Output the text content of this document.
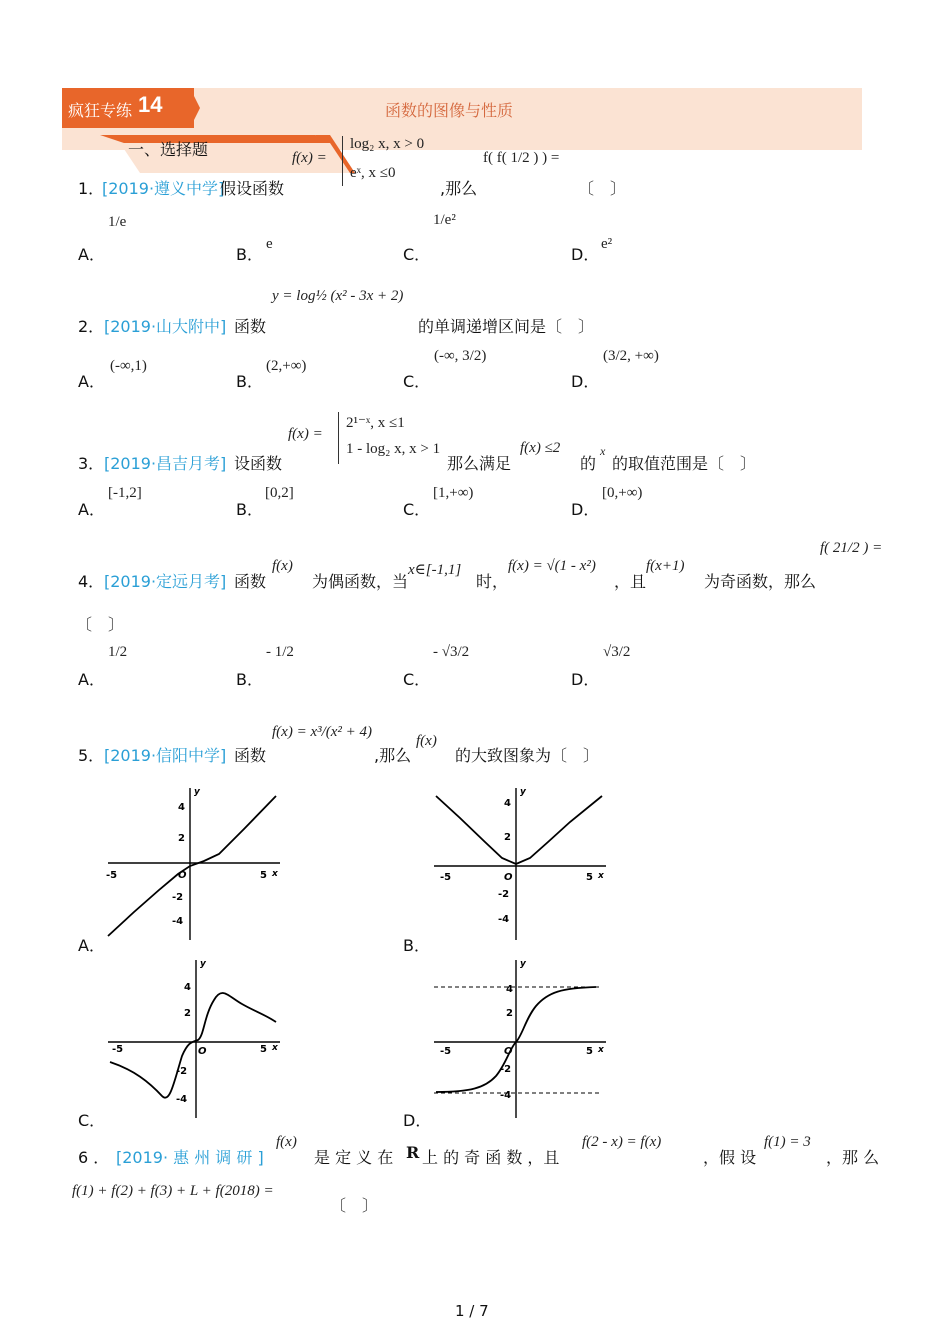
疯狂专练 14	函数的图像与性质
一、选择题
1．
[2019·遵义中学]
假设函数
f(x) =
log₂ x, x > 0
eˣ, x ≤0
,那么
f( f( 1/2 ) ) =
〔　〕
A．
1/e
B．
e
C．
1/e²
D．
e²
y = log½ (x² - 3x + 2)
2． [2019·山大附中] 函数	的单调递增区间是〔　〕
A．
(-∞,1)
B．
(2,+∞)
C．
(-∞, 3/2)
D．
(3/2, +∞)
f(x) =
2¹⁻ˣ, x ≤1
1 - log₂ x, x > 1
3． [2019·昌吉月考] 设函数	那么满足
f(x) ≤2
的
x
的取值范围是〔　〕
A．
[-1,2]
B．
[0,2]
C．
[1,+∞)
D．
[0,+∞)
4． [2019·定远月考] 函数
f(x)
为偶函数，当
x∈[-1,1]
时，
f(x) = √(1 - x²)
，且
f(x+1)
为奇函数，那么
f( 21/2 ) =
〔　〕
A．
1/2
B．
- 1/2
C．
- √3/2
D．
√3/2
f(x) = x³/(x² + 4)
5． [2019·信阳中学] 函数	,那么
f(x)
的大致图象为〔　〕
-5	5 x
y
O
4
2
-2
-4
A．
-5	5 x
y
O
4
2
-2
-4
B．
-5	5 x
y
O
4
2
-2
-4
C．
-5	5 x
y
O
4
2
-2
-4
D．
6 ． [2019· 惠 州 调 研 ]
f(x)
是 定 义 在 R 上 的 奇 函 数 ，且
f(2 - x) = f(x)
，假 设
f(1) = 3
，那 么
f(1) + f(2) + f(3) + L + f(2018) =
〔　〕
1 / 7
